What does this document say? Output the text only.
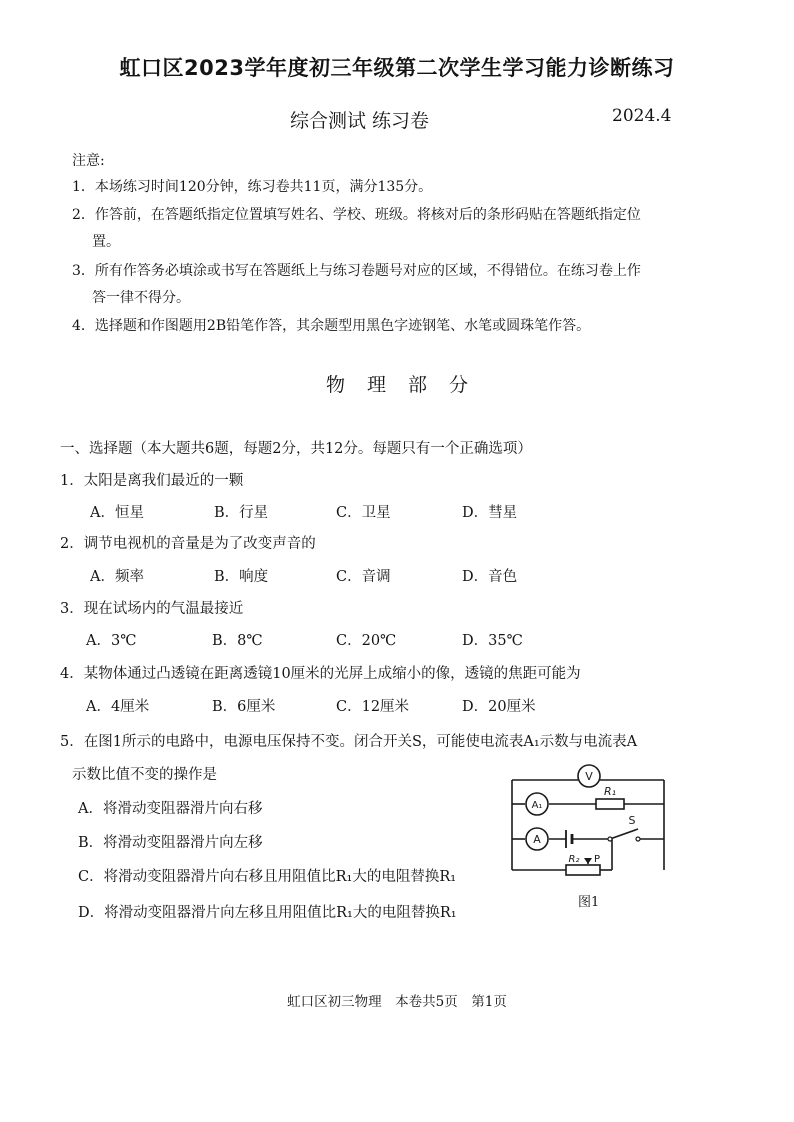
虹口区2023学年度初三年级第二次学生学习能力诊断练习
综合测试 练习卷	2024.4
注意:
1．本场练习时间120分钟，练习卷共11页，满分135分。
2．作答前，在答题纸指定位置填写姓名、学校、班级。将核对后的条形码贴在答题纸指定位
置。
3．所有作答务必填涂或书写在答题纸上与练习卷题号对应的区域，不得错位。在练习卷上作
答一律不得分。
4．选择题和作图题用2B铅笔作答，其余题型用黑色字迹钢笔、水笔或圆珠笔作答。
物理部分
一、选择题（本大题共6题，每题2分，共12分。每题只有一个正确选项）
1．太阳是离我们最近的一颗
A．恒星	B．行星	C．卫星	D．彗星
2．调节电视机的音量是为了改变声音的
A．频率	B．响度	C．音调	D．音色
3．现在试场内的气温最接近
A．3℃	B．8℃	C．20℃	D．35℃
4．某物体通过凸透镜在距离透镜10厘米的光屏上成缩小的像，透镜的焦距可能为
A．4厘米	B．6厘米	C．12厘米	D．20厘米
5．在图1所示的电路中，电源电压保持不变。闭合开关S，可能使电流表A₁示数与电流表A
示数比值不变的操作是
A．将滑动变阻器滑片向右移
B．将滑动变阻器滑片向左移
C．将滑动变阻器滑片向右移且用阻值比R₁大的电阻替换R₁
D．将滑动变阻器滑片向左移且用阻值比R₁大的电阻替换R₁
V
A₁
A
R₁
S
R₂ P
图1
虹口区初三物理　本卷共5页　第1页
